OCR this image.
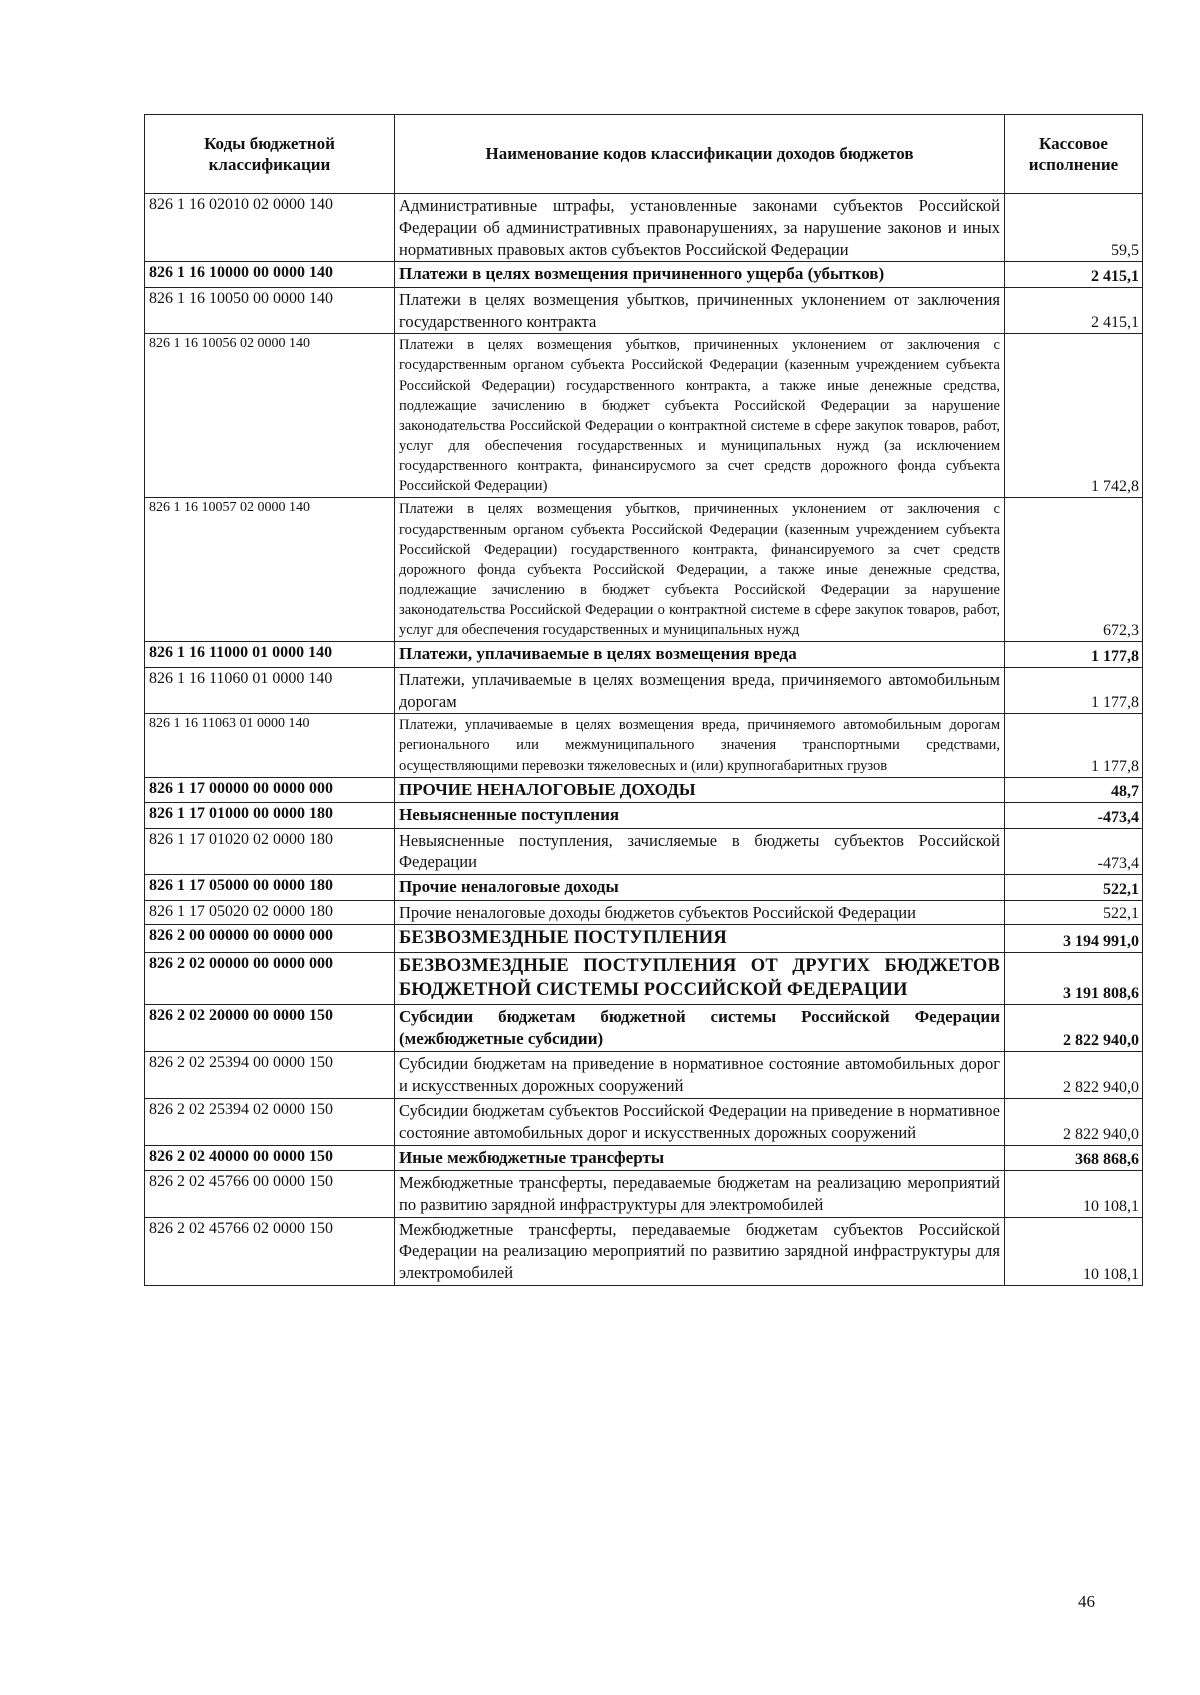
Коды бюджетной классификации	Наименование кодов классификации доходов бюджетов	Кассовое исполнение
826 1 16 02010 02 0000 140	Административные штрафы, установленные законами субъектов Российской Федерации об административных правонарушениях, за нарушение законов и иных нормативных правовых актов субъектов Российской Федерации	59,5
826 1 16 10000 00 0000 140	Платежи в целях возмещения причиненного ущерба (убытков)	2 415,1
826 1 16 10050 00 0000 140	Платежи в целях возмещения убытков, причиненных уклонением от заключения государственного контракта	2 415,1
826 1 16 10056 02 0000 140	Платежи в целях возмещения убытков, причиненных уклонением от заключения с государственным органом субъекта Российской Федерации (казенным учреждением субъекта Российской Федерации) государственного контракта, а также иные денежные средства, подлежащие зачислению в бюджет субъекта Российской Федерации за нарушение законодательства Российской Федерации о контрактной системе в сфере закупок товаров, работ, услуг для обеспечения государственных и муниципальных нужд (за исключением государственного контракта, финансирусмого за счет средств дорожного фонда субъекта Российской Федерации)	1 742,8
826 1 16 10057 02 0000 140	Платежи в целях возмещения убытков, причиненных уклонением от заключения с государственным органом субъекта Российской Федерации (казенным учреждением субъекта Российской Федерации) государственного контракта, финансируемого за счет средств дорожного фонда субъекта Российской Федерации, а также иные денежные средства, подлежащие зачислению в бюджет субъекта Российской Федерации за нарушение законодательства Российской Федерации о контрактной системе в сфере закупок товаров, работ, услуг для обеспечения государственных и муниципальных нужд	672,3
826 1 16 11000 01 0000 140	Платежи, уплачиваемые в целях возмещения вреда	1 177,8
826 1 16 11060 01 0000 140	Платежи, уплачиваемые в целях возмещения вреда, причиняемого автомобильным дорогам	1 177,8
826 1 16 11063 01 0000 140	Платежи, уплачиваемые в целях возмещения вреда, причиняемого автомобильным дорогам регионального или межмуниципального значения транспортными средствами, осуществляющими перевозки тяжеловесных и (или) крупногабаритных грузов	1 177,8
826 1 17 00000 00 0000 000	ПРОЧИЕ НЕНАЛОГОВЫЕ ДОХОДЫ	48,7
826 1 17 01000 00 0000 180	Невыясненные поступления	-473,4
826 1 17 01020 02 0000 180	Невыясненные поступления, зачисляемые в бюджеты субъектов Российской Федерации	-473,4
826 1 17 05000 00 0000 180	Прочие неналоговые доходы	522,1
826 1 17 05020 02 0000 180	Прочие неналоговые доходы бюджетов субъектов Российской Федерации	522,1
826 2 00 00000 00 0000 000	БЕЗВОЗМЕЗДНЫЕ ПОСТУПЛЕНИЯ	3 194 991,0
826 2 02 00000 00 0000 000	БЕЗВОЗМЕЗДНЫЕ ПОСТУПЛЕНИЯ ОТ ДРУГИХ БЮДЖЕТОВ БЮДЖЕТНОЙ СИСТЕМЫ РОССИЙСКОЙ ФЕДЕРАЦИИ	3 191 808,6
826 2 02 20000 00 0000 150	Субсидии бюджетам бюджетной системы Российской Федерации (межбюджетные субсидии)	2 822 940,0
826 2 02 25394 00 0000 150	Субсидии бюджетам на приведение в нормативное состояние автомобильных дорог и искусственных дорожных сооружений	2 822 940,0
826 2 02 25394 02 0000 150	Субсидии бюджетам субъектов Российской Федерации на приведение в нормативное состояние автомобильных дорог и искусственных дорожных сооружений	2 822 940,0
826 2 02 40000 00 0000 150	Иные межбюджетные трансферты	368 868,6
826 2 02 45766 00 0000 150	Межбюджетные трансферты, передаваемые бюджетам на реализацию мероприятий по развитию зарядной инфраструктуры для электромобилей	10 108,1
826 2 02 45766 02 0000 150	Межбюджетные трансферты, передаваемые бюджетам субъектов Российской Федерации на реализацию мероприятий по развитию зарядной инфраструктуры для электромобилей	10 108,1
46
